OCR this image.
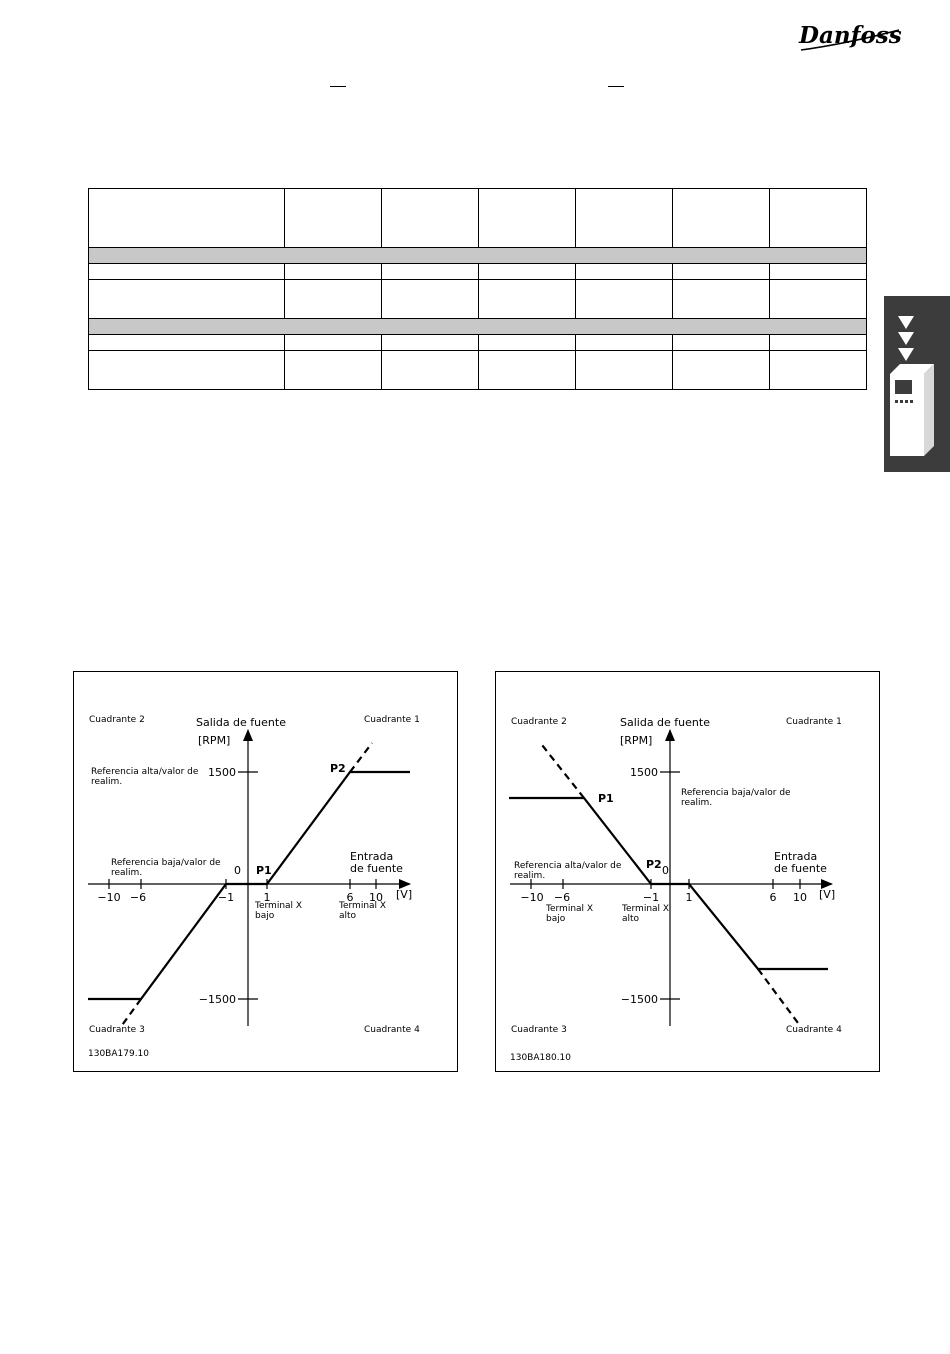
Danfoss

Cuadrante 2	Cuadrante 1
Cuadrante 3	Cuadrante 4
Referencia alta/valor de
realim.
Referencia baja/valor de
realim.
Terminal X
bajo
Terminal X
alto
130BA179.10
Salida de fuente
[RPM]
Entrada
de fuente
[V]
1500
−1500
0
−10 −6	−1	1	6 10
P1
P2
Cuadrante 2	Cuadrante 1
Cuadrante 3	Cuadrante 4
Referencia baja/valor de
realim.
Referencia alta/valor de
realim.
Terminal X
bajo
Terminal X
alto
130BA180.10
Salida de fuente
[RPM]
Entrada
de fuente
[V]
1500
−1500
0
−10 −6	−1 1	6 10
P1
P2
